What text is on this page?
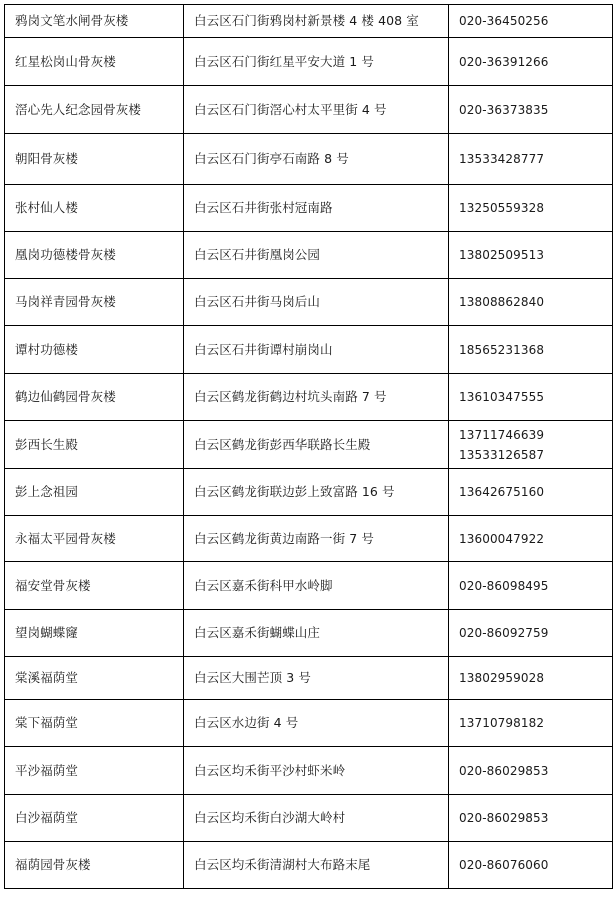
鸦岗文笔水闸骨灰楼	白云区石门街鸦岗村新景楼 4 楼 408 室	020-36450256

红星松岗山骨灰楼	白云区石门街红星平安大道 1 号	020-36391266

滘心先人纪念园骨灰楼	白云区石门街滘心村太平里街 4 号	020-36373835

朝阳骨灰楼	白云区石门街亭石南路 8 号	13533428777

张村仙人楼	白云区石井街张村冠南路	13250559328

凰岗功德楼骨灰楼	白云区石井街凰岗公园	13802509513

马岗祥青园骨灰楼	白云区石井街马岗后山	13808862840

谭村功德楼	白云区石井街谭村崩岗山	18565231368

鹤边仙鹤园骨灰楼	白云区鹤龙街鹤边村坑头南路 7 号	13610347555

彭西长生殿	白云区鹤龙街彭西华联路长生殿	13711746639
13533126587

彭上念祖园	白云区鹤龙街联边彭上致富路 16 号	13642675160

永福太平园骨灰楼	白云区鹤龙街黄边南路一街 7 号	13600047922

福安堂骨灰楼	白云区嘉禾街科甲水岭脚	020-86098495

望岗蝴蝶窿	白云区嘉禾街蝴蝶山庄	020-86092759

棠溪福荫堂	白云区大围芒顶 3 号	13802959028

棠下福荫堂	白云区水边街 4 号	13710798182

平沙福荫堂	白云区均禾街平沙村虾米岭	020-86029853

白沙福荫堂	白云区均禾街白沙湖大岭村	020-86029853

福荫园骨灰楼	白云区均禾街清湖村大布路末尾	020-86076060
